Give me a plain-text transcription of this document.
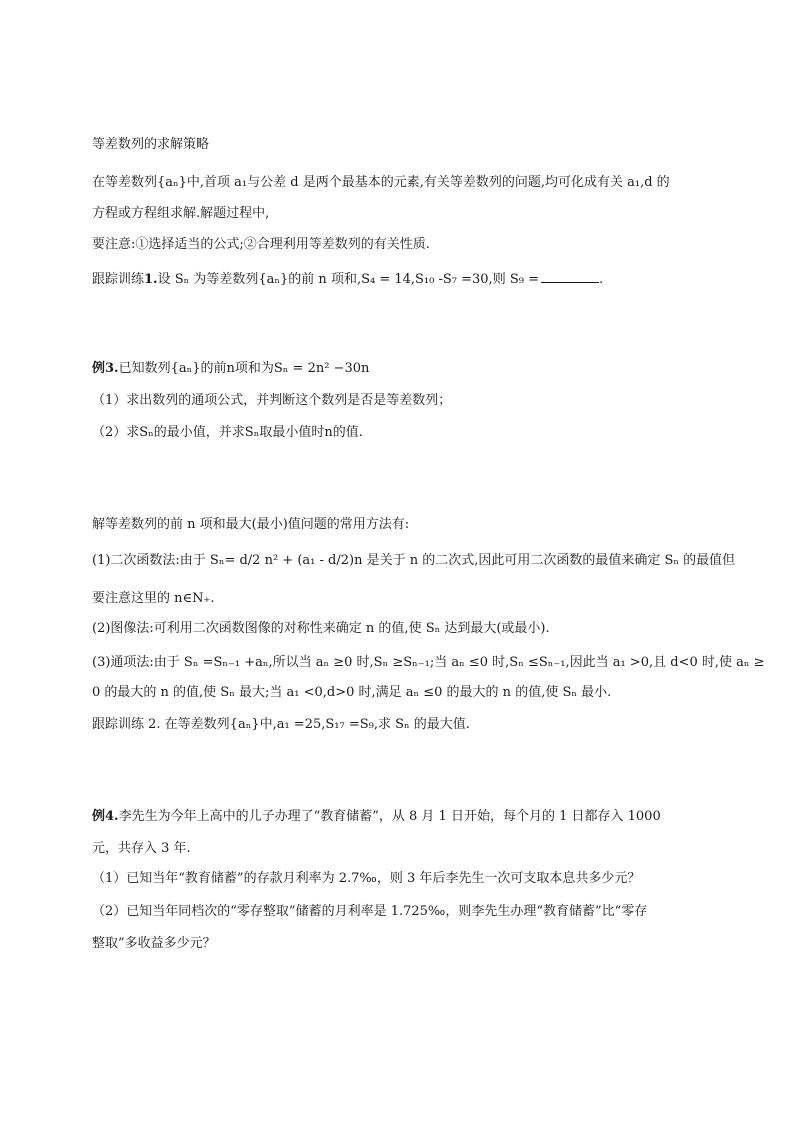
等差数列的求解策略
在等差数列{aₙ}中,首项 a₁与公差 d 是两个最基本的元素,有关等差数列的问题,均可化成有关 a₁,d 的
方程或方程组求解.解题过程中,
要注意:①选择适当的公式;②合理利用等差数列的有关性质.
跟踪训练1.设 Sₙ 为等差数列{aₙ}的前 n 项和,S₄ = 14,S₁₀ -S₇ =30,则 S₉ =	.
例3.已知数列{aₙ}的前n项和为Sₙ = 2n² −30n
（1）求出数列的通项公式，并判断这个数列是否是等差数列；
（2）求Sₙ的最小值，并求Sₙ取最小值时n的值.
解等差数列的前 n 项和最大(最小)值问题的常用方法有:
(1)二次函数法:由于 Sₙ= d/2 n² + (a₁ - d/2)n 是关于 n 的二次式,因此可用二次函数的最值来确定 Sₙ 的最值但
要注意这里的 n∈N₊.
(2)图像法:可利用二次函数图像的对称性来确定 n 的值,使 Sₙ 达到最大(或最小).
(3)通项法:由于 Sₙ =Sₙ₋₁ +aₙ,所以当 aₙ ≥0 时,Sₙ ≥Sₙ₋₁;当 aₙ ≤0 时,Sₙ ≤Sₙ₋₁,因此当 a₁ >0,且 d<0 时,使 aₙ ≥
0 的最大的 n 的值,使 Sₙ 最大;当 a₁ <0,d>0 时,满足 aₙ ≤0 的最大的 n 的值,使 Sₙ 最小.
跟踪训练 2. 在等差数列{aₙ}中,a₁ =25,S₁₇ =S₉,求 Sₙ 的最大值.
例4.李先生为今年上高中的儿子办理了“教育储蓄”，从 8 月 1 日开始，每个月的 1 日都存入 1000
元，共存入 3 年.
（1）已知当年“教育储蓄”的存款月利率为 2.7‰，则 3 年后李先生一次可支取本息共多少元？
（2）已知当年同档次的“零存整取”储蓄的月利率是 1.725‰，则李先生办理“教育储蓄”比“零存
整取”多收益多少元？
